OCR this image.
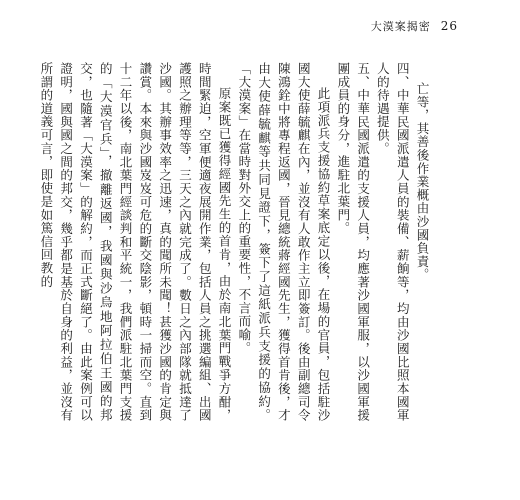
大漠案揭密 26

亡等，其善後作業概由沙國負責。

四、中華民國派遣人員的裝備、薪餉等，均由沙國比照本國軍人的待遇提供。

五、中華民國派遣的支援人員，均應著沙國軍服，以沙國軍援團成員的身分，進駐北葉門。

此項派兵支援協約草案底定以後，在場的官員，包括駐沙國大使薛毓麒在內，並沒有人敢作主立即簽訂。後由副總司令陳鴻銓中將專程返國，晉見總統蔣經國先生，獲得首肯後，才由大使薛毓麒等共同見證下，簽下了這紙派兵支援的協約。「大漠案」在當時對外交上的重要性，不言而喻。

原案既已獲得經國先生的首肯，由於南北葉門戰爭方酣，時間緊迫，空軍便適夜展開作業，包括人員之挑選編組、出國護照之辦理等等，三天之內就完成了。數日之內部隊就抵達了沙國。其辦事效率之迅速，真的聞所未聞！甚獲沙國的肯定與讚賞。本來與沙國岌岌可危的斷交陰影，頓時一掃而空。直到十二年以後，南北葉門經談判和平統一，我們派駐北葉門支援的「大漠官兵」，撤離返國，我國與沙烏地阿拉伯王國的邦交，也隨著「大漠案」的解約，而正式斷絕了。由此案例可以證明，國與國之間的邦交，幾乎都是基於自身的利益，並沒有所謂的道義可言，即使是如篤信回教的
